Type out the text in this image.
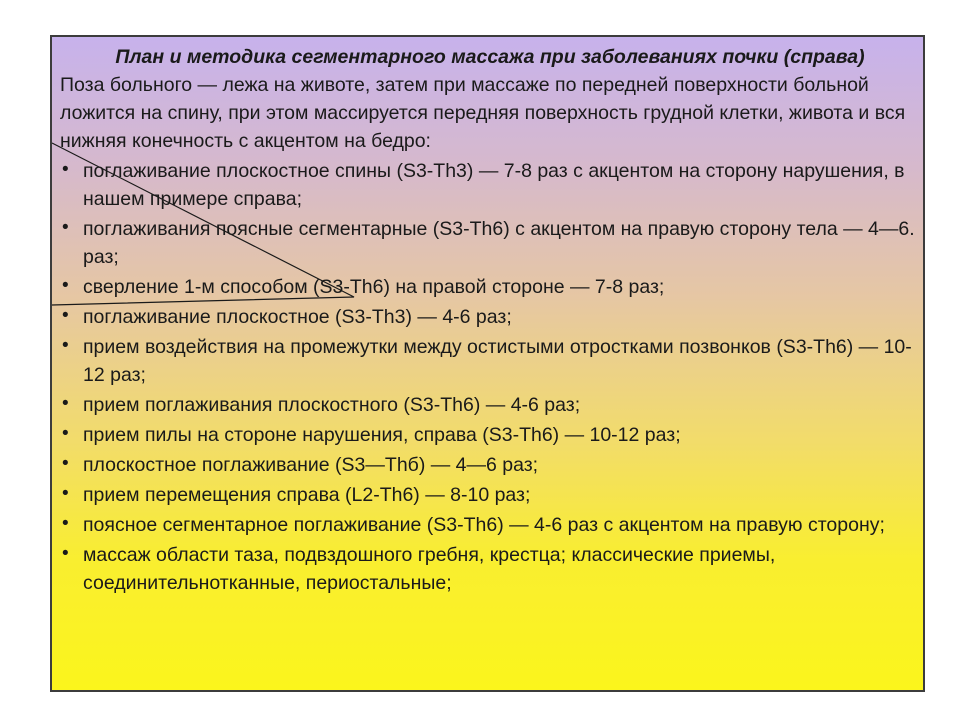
План и методика сегментарного массажа при заболеваниях почки (справа)

Поза больного — лежа на животе, затем при массаже по передней поверхности больной ложится на спину, при этом массируется передняя поверхность грудной клетки, живота и вся нижняя конечность с акцентом на бедро:

• поглаживание плоскостное спины (S3-Th3) — 7-8 раз с акцентом на сторону нарушения, в нашем примере справа;
• поглаживания поясные сегментарные (S3-Th6) с акцентом на правую сторону тела — 4—6. раз;
• сверление 1-м способом (S3-Th6) на правой стороне — 7-8 раз;
• поглаживание плоскостное (S3-Th3) — 4-6 раз;
• прием воздействия на промежутки между остистыми отростками позвонков (S3-Th6) — 10-12 раз;
• прием поглаживания плоскостного (S3-Th6) — 4-6 раз;
• прием пилы на стороне нарушения, справа (S3-Th6) — 10-12 раз;
• плоскостное поглаживание (S3—Thб) — 4—6 раз;
• прием перемещения справа (L2-Th6) — 8-10 раз;
• поясное сегментарное поглаживание (S3-Th6) — 4-6 раз с акцентом на правую сторону;
• массаж области таза, подвздошного гребня, крестца; классические приемы, соединительнотканные, периостальные;
